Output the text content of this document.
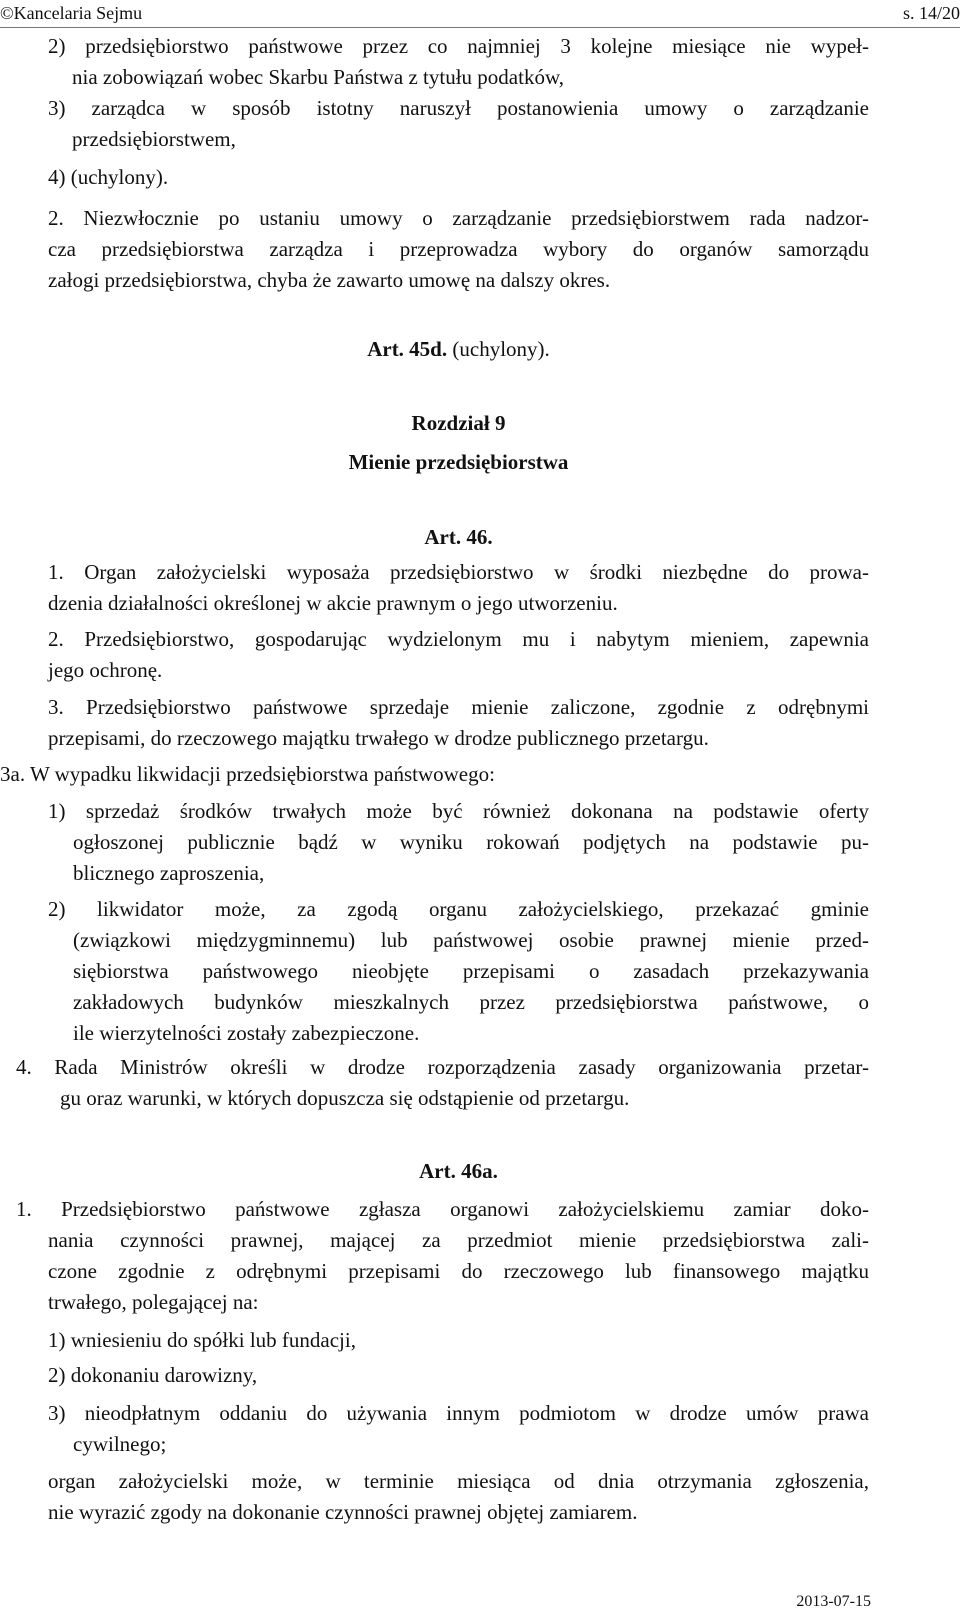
©Kancelaria Sejmu	s. 14/20
2) przedsiębiorstwo państwowe przez co najmniej 3 kolejne miesiące nie wypeł-
nia zobowiązań wobec Skarbu Państwa z tytułu podatków,
3) zarządca w sposób istotny naruszył postanowienia umowy o zarządzanie
przedsiębiorstwem,
4) (uchylony).
2. Niezwłocznie po ustaniu umowy o zarządzanie przedsiębiorstwem rada nadzor-
cza przedsiębiorstwa zarządza i przeprowadza wybory do organów samorządu
załogi przedsiębiorstwa, chyba że zawarto umowę na dalszy okres.
Art. 45d. (uchylony).
Rozdział 9
Mienie przedsiębiorstwa
Art. 46.
1. Organ założycielski wyposaża przedsiębiorstwo w środki niezbędne do prowa-
dzenia działalności określonej w akcie prawnym o jego utworzeniu.
2. Przedsiębiorstwo, gospodarując wydzielonym mu i nabytym mieniem, zapewnia
jego ochronę.
3. Przedsiębiorstwo państwowe sprzedaje mienie zaliczone, zgodnie z odrębnymi
przepisami, do rzeczowego majątku trwałego w drodze publicznego przetargu.
3a. W wypadku likwidacji przedsiębiorstwa państwowego:
1) sprzedaż środków trwałych może być również dokonana na podstawie oferty
ogłoszonej publicznie bądź w wyniku rokowań podjętych na podstawie pu-
blicznego zaproszenia,
2) likwidator może, za zgodą organu założycielskiego, przekazać gminie
(związkowi międzygminnemu) lub państwowej osobie prawnej mienie przed-
siębiorstwa państwowego nieobjęte przepisami o zasadach przekazywania
zakładowych budynków mieszkalnych przez przedsiębiorstwa państwowe, o
ile wierzytelności zostały zabezpieczone.
4. Rada Ministrów określi w drodze rozporządzenia zasady organizowania przetar-
gu oraz warunki, w których dopuszcza się odstąpienie od przetargu.
Art. 46a.
1. Przedsiębiorstwo państwowe zgłasza organowi założycielskiemu zamiar doko-
nania czynności prawnej, mającej za przedmiot mienie przedsiębiorstwa zali-
czone zgodnie z odrębnymi przepisami do rzeczowego lub finansowego majątku
trwałego, polegającej na:
1) wniesieniu do spółki lub fundacji,
2) dokonaniu darowizny,
3) nieodpłatnym oddaniu do używania innym podmiotom w drodze umów prawa
cywilnego;
organ założycielski może, w terminie miesiąca od dnia otrzymania zgłoszenia,
nie wyrazić zgody na dokonanie czynności prawnej objętej zamiarem.
2013-07-15
